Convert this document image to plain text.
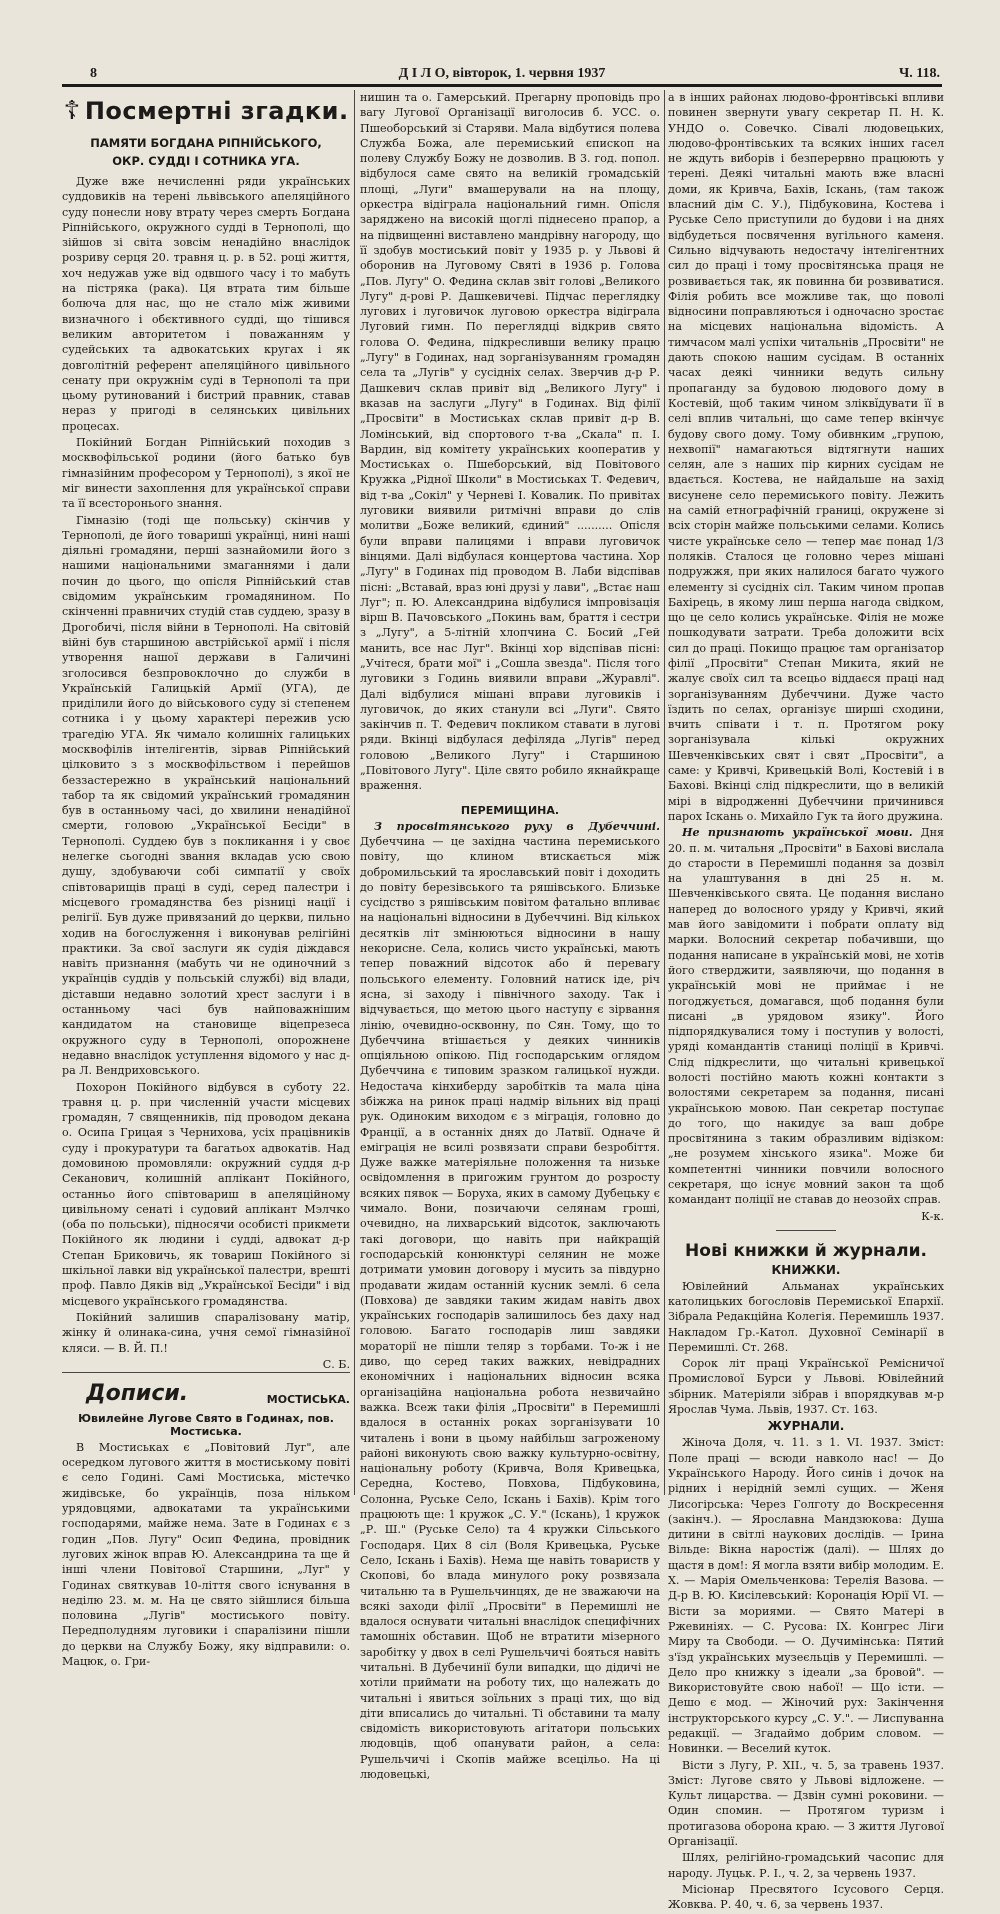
8	Д І Л О, вівторок, 1. червня 1937	Ч. 118.
☦ Посмертні згадки.
ПАМЯТИ БОГДАНА РІПНІЙСЬКОГО,
ОКР. СУДДІ І СОТНИКА УГА.

Дуже вже нечисленні ряди українських суддовиків на терені львівського апеляційного суду понесли нову втрату через смерть Богдана Ріпнійського, окружного судді в Тернополі, що зійшов зі світа зовсім ненадійно внаслідок розриву серця 20. травня ц. р. в 52. році життя, хоч недужав уже від одвшого часу і то мабуть на пістряка (рака). Ця втрата тим більше болюча для нас, що не стало між живими визначного і обєктивного судді, що тішився великим авторитетом і поважанням у судейських та адвокатських кругах і як довголітній референт апеляційного цивільного сенату при окружнім суді в Тернополі та при цьому рутинований і бистрий правник, ставав нераз у пригоді в селянських цивільних процесах.

Покійний Богдан Ріпнійський походив з москвофільської родини (його батько був гімназійним професором у Тернополі), з якої не міг винести захоплення для української справи та її всесторонього знання.

Гімназію (тоді ще польську) скінчив у Тернополі, де його товариші українці, нині наші діяльні громадяни, перші зазнайомили його з нашими національними змаганнями і дали почин до цього, що опісля Ріпнійський став свідомим українським громадянином. По скінченні правничих студій став суддею, зразу в Дрогобичі, після війни в Тернополі. На світовій війні був старшиною австрійської армії і після утворення нашої держави в Галичині зголосився безпровоклочно до служби в Українській Галицькій Армії (УГА), де приділили його до військового суду зі степенем сотника і у цьому характері пережив усю трагедію УГА. Як чимало колишніх галицьких москвофілів інтелігентів, зірвав Ріпнійський цілковито з з москвофільством і перейшов беззастережно в український національний табор та як свідомий український громадянин був в останньому часі, до хвилини ненадійної смерти, головою „Української Бесіди" в Тернополі. Суддею був з покликання і у своє нелегке сьогодні звання вкладав усю свою душу, здобуваючи собі симпатії у своїх співтоварищів праці в суді, серед палестри і місцевого громадянства без різниці нації і релігії. Був дуже привязаний до церкви, пильно ходив на богослуження і виконував релігійні практики. За свої заслуги як судія діждався навіть признання (мабуть чи не одиночний з українців суддів у польській службі) від влади, діставши недавно золотий хрест заслуги і в останньому часі був найповажнішим кандидатом на становище віцепрезеса окружного суду в Тернополі, опорожнене недавно внаслідок уступлення відомого у нас д-ра Л. Вендриховського.

Похорон Покійного відбувся в суботу 22. травня ц. р. при численній участи місцевих громадян, 7 священників, під проводом декана о. Осипа Грицая з Чернихова, усіх працівників суду і прокуратури та багатьох адвокатів. Над домовиною промовляли: окружний суддя д-р Секанович, колишній аплікант Покійного, останньо його співтовариш в апеляційному цивільному сенаті і судовий аплікант Мэлчко (оба по польськи), підносячи особисті прикмети Покійного як людини і судді, адвокат д-р Степан Бриковичь, як товариш Покійного зі шкільної лавки від української палестри, врешті проф. Павло Дяків від „Української Бесіди" і від місцевого українського громадянства.

Покійний залишив спаралізовану матір, жінку й олинака-сина, учня семої гімназійної кляси. — В. Й. П.!

С. Б.
Дописи.	МОСТИСЬКА.
Ювилейне Лугове Свято в Годинах, пов. Мостиська.

В Мостиськах є „Повітовий Луг", але осередком лугового життя в мостиському повіті є село Годині. Самі Мостиська, містечко жидівське, бо українців, поза нільком урядовцями, адвокатами та українськими господарями, майже нема. Зате в Годинах є з годин „Пов. Лугу" Осип Федина, провідник лугових жінок вправ Ю. Александрина та ще й інші члени Повітової Старшини, „Луг" у Годинах святкував 10-ліття свого існування в неділю 23. м. м. На це свято зійшлися більша половина „Лугів" мостиського повіту. Передполудням луговики і спаралізини пішли до церкви на Службу Божу, яку відправили: о. Мацюк, о. Гри-

нишин та о. Гамерський. Прегарну проповідь про вагу Лугової Організації виголосив б. УСС. о. Пшеоборський зі Старяви. Мала відбутися полева Служба Божа, але перемиський єпископ на полеву Службу Божу не дозволив. В 3. год. попол. відбулося саме свято на великій громадській площі, „Луги" вмашерували на на площу, оркестра відіграла національний гимн. Опісля заряджено на високій щоглі піднесено прапор, а на підвищенні виставлено мандрівну нагороду, що її здобув мостиський повіт у 1935 р. у Львові й оборонив на Луговому Святі в 1936 р. Голова „Пов. Лугу" О. Федина склав звіт голові „Великого Лугу" д-рові Р. Дашкевичеві. Підчас переглядку лугових і луговичок луговою оркестра відіграла Луговий гимн. По переглядці відкрив свято голова О. Федина, підкресливши велику працю „Лугу" в Годинах, над зорганізуванням громадян села та „Лугів" у сусідніх селах. Зверчив д-р Р. Дашкевич склав привіт від „Великого Лугу" і вказав на заслуги „Лугу" в Годинах. Від філії „Просвіти" в Мостиськах склав привіт д-р В. Ломінський, від спортового т-ва „Скала" п. І. Вардин, від комітету українських кооператив у Мостиськах о. Пшеборський, від Повітового Кружка „Рідної Школи" в Мостиськах Т. Федевич, від т-ва „Сокіл" у Черневі І. Ковалик. По привітах луговики виявили ритмічні вправи до слів молитви „Боже великий, єдиний" .......... Опісля були вправи палицями і вправи луговичок вінцями. Далі відбулася концертова частина. Хор „Лугу" в Годинах під проводом В. Лаби відспівав пісні: „Вставай, враз юні друзі у лави", „Встає наш Луг"; п. Ю. Александрина відбулися імпровізація вірш В. Пачовського „Покинь вам, браття і сестри з „Лугу", а 5-літній хлопчина С. Босий „Гей манить, все нас Луг". Вкінці хор відспівав пісні: „Учітеся, брати мої" і „Сошла звезда". Після того луговики з Годинь виявили вправи „Журавлі". Далі відбулися мішані вправи луговиків і луговичок, до яких станули всі „Луги". Свято закінчив п. Т. Федевич покликом ставати в лугові ряди. Вкінці відбулася дефіляда „Лугів" перед головою „Великого Лугу" і Старшиною „Повітового Лугу". Ціле свято робило якнайкраще враження.

ПЕРЕМИЩИНА.

З просвітянського руху в Дубеччині. Дубеччина — це західна частина перемиського повіту, що клином втискається між добромильський та ярославський повіт і доходить до повіту березівського та ряшівського. Близьке сусідство з ряшівським повітом фатально впливає на національні відносини в Дубеччині. Від кількох десятків літ змінюються відносини в нашу некорисне. Села, колись чисто українські, мають тепер поважний відсоток або й перевагу польського елементу. Головний натиск іде, річ ясна, зі заходу і північного заходу. Так і відчувається, що метою цього наступу є зірвання лінію, очевидно-осквонну, по Сян. Тому, що то Дубеччина втішається у деяких чинників опціяльною опікою. Під господарським оглядом Дубеччина є типовим зразком галицької нужди. Недостача кінхиберду заробітків та мала ціна збіжжа на ринок праці надмір вільних від праці рук. Одиноким виходом є з міграція, головно до Франції, а в останніх днях до Латвії. Одначе й еміграція не всилі розвязати справи безробіття. Дуже важке матеріяльне положення та низьке освідомлення в пригожим грунтом до розросту всяких пявок — Боруха, яких в самому Дубецьку є чимало. Вони, позичаючи селянам гроші, очевидно, на лихварський відсоток, заключають такі договори, що навіть при найкращій господарській конюнктурі селянин не може дотримати умовин договору і мусить за півдурно продавати жидам останній кусник землі. 6 села (Повхова) де завдяки таким жидам навіть двох українських господарів залишилось без даху над головою. Багато господарів лиш завдяки мораторії не пішли теляр з торбами. То-ж і не диво, що серед таких важких, невідрадних економічних і національних відносин всяка організаційна національна робота незвичайно важка. Всеж таки філія „Просвіти" в Перемишлі вдалося в останніх роках зорганізувати 10 читалень і вони в цьому найбільш загроженому районі виконують свою важку культурно-освітну, національну роботу (Кривча, Воля Кривецька, Середна, Костево, Повхова, Підбуковина, Солонна, Руське Село, Іскань і Бахів). Крім того працюють ще: 1 кружок „С. У." (Іскань), 1 кружок „Р. Ш." (Руське Село) та 4 кружки Сільського Господаря. Цих 8 сіл (Воля Кривецька, Руське Село, Іскань і Бахів). Нема ще навіть товариств у Скопові, бо влада минулого року розвязала читальню та в Рушельчинцях, де не зважаючи на всякі заходи філії „Просвіти" в Перемишлі не вдалося оснувати читальні внаслідок специфічних тамошніх обставин. Щоб не втратити мізерного заробітку у двох в селі Рушельчичі бояться навіть читальні. В Дубечинії були випадки, що дідичі не хотіли приймати на роботу тих, що належать до читальні і явиться зоїльних з праці тих, що від діти вписались до читальні. Ті обставини та малу свідомість використовують агітатори польських людовців, щоб опанувати район, а села: Рушельчичі і Скопів майже всецільо. На ці людовецькі,

а в інших районах людово-фронтівські впливи повинен звернути увагу секретар П. Н. К. УНДО о. Совечко. Сівалі людовецьких, людово-фронтівських та всяких інших гасел не ждуть виборів і безперервно працюють у терені. Деякі читальні мають вже власні доми, як Кривча, Бахів, Іскань, (там також власний дім С. У.), Підбуковина, Костева і Руське Село приступили до будови і на днях відбудеться посвячення вугільного каменя. Сильно відчувають недостачу інтелігентних сил до праці і тому просвітянська праця не розвивається так, як повинна би розвиватися. Філія робить все можливе так, що поволі відносини поправляються і одночасно зростає на місцевих національна відомість. А тимчасом малі успіхи читальнів „Просвіти" не дають спокою нашим сусідам. В останніх часах деякі чинники ведуть сильну пропаганду за будовою людового дому в Костевій, щоб таким чином злікві̆дувати її в селі вплив читальні, що саме тепер вкінчує будову свого дому. Тому обивнким „групою, нехвопії" намагаються відтягнути наших селян, але з наших пір кирних сусідам не вдається. Костева, не найдальше на захід висунене село перемиського повіту. Лежить на самій етнографічній границі, окружене зі всіх сторін майже польськими селами. Колись чисте українське село — тепер має понад 1/3 поляків. Сталося це головно через мішані подружжя, при яких налилося багато чужого елементу зі сусідніх сіл. Таким чином пропав Бахірець, в якому лиш перша нагода свідком, що це село колись українське. Філія не може пошкодувати затрати. Треба доложити всіх сил до праці. Покищо працює там організатор філії „Просвіти" Степан Микита, який не жалує своїх сил та всецьо віддаєся праці над зорганізуванням Дубеччини. Дуже часто їздить по селах, організує ширші сходини, вчить співати і т. п. Протягом року зорганізувала кількі окружних Шевченківських свят і свят „Просвіти", а саме: у Кривчі, Кривецькій Волі, Костевій і в Бахові. Вкінці слід підкреслити, що в великій мірі в відродженні Дубеччини причинився парох Іскань о. Михайло Гук та його дружина.

Не признають української мови. Дня 20. п. м. читальня „Просвіти" в Бахові вислала до старости в Перемишлі подання за дозвіл на улаштування в дні 25 н. м. Шевченківського свята. Це подання вислано наперед до волосного уряду у Кривчі, який мав його завідомити і побрати оплату від марки. Волосний секретар побачивши, що подання написане в українській мові, не хотів його стверджити, заявляючи, що подання в українській мові не приймає і не погоджується, домагався, щоб подання були писані „в урядовом язику". Його підпорядкувалися тому і поступив у волості, уряді командантів станиці поліції в Кривчі. Слід підкреслити, що читальні кривецької волості постійно мають кожні контакти з волостями секретарем за подання, писані українською мовою. Пан секретар поступає до того, що накидує за ваш добре просвітянина з таким образливим відізком: „не розумем хінського язика". Може би компетентні чинники повчили волосного секретаря, що існує мовний закон та щоб командант поліції не ставав до неозойх справ.

К-к.
Нові книжки й журнали.
КНИЖКИ.

Ювілейний Альманах українських католицьких богословів Перемиської Епархії. Зібрала Редакційна Колегія. Перемишль 1937. Накладом Гр.-Катол. Духовної Семінарії в Перемишлі. Ст. 268.

Сорок літ праці Української Ремісничої Промислової Бурси у Львові. Ювілейний збірник. Матеріяли зібрав і впорядкував м-р Ярослав Чума. Львів, 1937. Ст. 163.

ЖУРНАЛИ.

Жіноча Доля, ч. 11. з 1. VI. 1937. Зміст: Поле праці — всюди навколо нас! — До Українського Народу. Його синів і дочок на рідних і нерідній землі сущих. — Женя Лисогірська: Через Голготу до Воскресення (закінч.). — Ярославна Мандзюкова: Душа дитини в світлі наукових дослідів. — Ірина Вільде: Вікна наростіж (далі). — Шлях до щастя в дом!: Я могла взяти вибір молодим. Е. Х. — Марія Омельченкова: Терелія Вазова. — Д-р В. Ю. Кисілевський: Коронація Юрії VI. — Вісти за мориями. — Свято Матері в Ржевиніях. — С. Русова: IX. Конгрес Ліги Миру та Свободи. — О. Дучимінська: Пятий з'їзд українських музеєльців у Перемишлі. — Дело про книжку з ідеали „за бровой". — Використовуйте свою набої! — Що істи. — Дешо є мод. — Жіночий рух: Закінчення інструкторського курсу „С. У.". — Лиспуванна редакції. — Згадаймо добрим словом. — Новинки. — Веселий куток.

Вісти з Лугу, Р. XII., ч. 5, за травень 1937. Зміст: Лугове свято у Львові відложене. — Культ лицарства. — Дзвін сумні роковини. — Один спомин. — Протягом туризм і протигазова оборона краю. — З життя Лугової Організації.

Шлях, релігійно-громадський часопис для народу. Луцьк. Р. І., ч. 2, за червень 1937.

Місіонар Пресвятого Ісусового Серця. Жовква. Р. 40, ч. 6, за червень 1937.
